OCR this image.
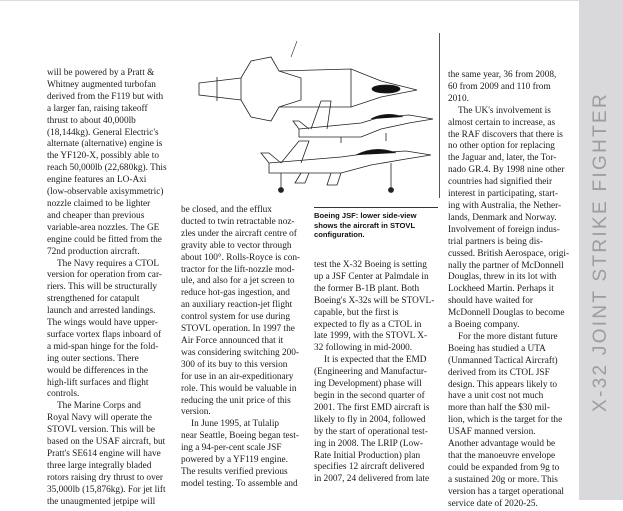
will be powered by a Pratt &
Whitney augmented turbofan
derived from the F119 but with
a larger fan, raising takeoff
thrust to about 40,000lb
(18,144kg). General Electric's
alternate (alternative) engine is
the YF120-X, possibly able to
reach 50,000lb (22,680kg). This
engine features an LO-Axi
(low-observable axisymmetric)
nozzle claimed to be lighter
and cheaper than previous
variable-area nozzles. The GE
engine could be fitted from the
72nd production aircraft.

The Navy requires a CTOL
version for operation from car-
riers. This will be structurally
strengthened for catapult
launch and arrested landings.
The wings would have upper-
surface vortex flaps inboard of
a mid-span hinge for the fold-
ing outer sections. There
would be differences in the
high-lift surfaces and flight
controls.

The Marine Corps and
Royal Navy will operate the
STOVL version. This will be
based on the USAF aircraft, but
Pratt's SE614 engine will have
three large integrally bladed
rotors raising dry thrust to over
35,000lb (15,876kg). For jet lift
the unaugmented jetpipe will

be closed, and the efflux
ducted to twin retractable noz-
zles under the aircraft centre of
gravity able to vector through
about 100°. Rolls-Royce is con-
tractor for the lift-nozzle mod-
ule, and also for a jet screen to
reduce hot-gas ingestion, and
an auxiliary reaction-jet flight
control system for use during
STOVL operation. In 1997 the
Air Force announced that it
was considering switching 200-
300 of its buy to this version
for use in an air-expeditionary
role. This would be valuable in
reducing the unit price of this
version.

In June 1995, at Tulalip
near Seattle, Boeing began test-
ing a 94-per-cent scale JSF
powered by a YF119 engine.
The results verified previous
model testing. To assemble and

test the X-32 Boeing is setting
up a JSF Center at Palmdale in
the former B-1B plant. Both
Boeing's X-32s will be STOVL-
capable, but the first is
expected to fly as a CTOL in
late 1999, with the STOVL X-
32 following in mid-2000.

It is expected that the EMD
(Engineering and Manufactur-
ing Development) phase will
begin in the second quarter of
2001. The first EMD aircraft is
likely to fly in 2004, followed
by the start of operational test-
ing in 2008. The LRIP (Low-
Rate Initial Production) plan
specifies 12 aircraft delivered
in 2007, 24 delivered from late

the same year, 36 from 2008,
60 from 2009 and 110 from
2010.

The UK's involvement is
almost certain to increase, as
the RAF discovers that there is
no other option for replacing
the Jaguar and, later, the Tor-
nado GR.4. By 1998 nine other
countries had signified their
interest in participating, start-
ing with Australia, the Nether-
lands, Denmark and Norway.
Involvement of foreign indus-
trial partners is being dis-
cussed. British Aerospace, origi-
nally the partner of McDonnell
Douglas, threw in its lot with
Lockheed Martin. Perhaps it
should have waited for
McDonnell Douglas to become
a Boeing company.

For the more distant future
Boeing has studied a UTA
(Unmanned Tactical Aircraft)
derived from its CTOL JSF
design. This appears likely to
have a unit cost not much
more than half the $30 mil-
lion, which is the target for the
USAF manned version.
Another advantage would be
that the manoeuvre envelope
could be expanded from 9g to
a sustained 20g or more. This
version has a target operational
service date of 2020-25.

Boeing JSF: lower side-view shows the aircraft in STOVL configuration.	X-32 JOINT STRIKE FIGHTER
